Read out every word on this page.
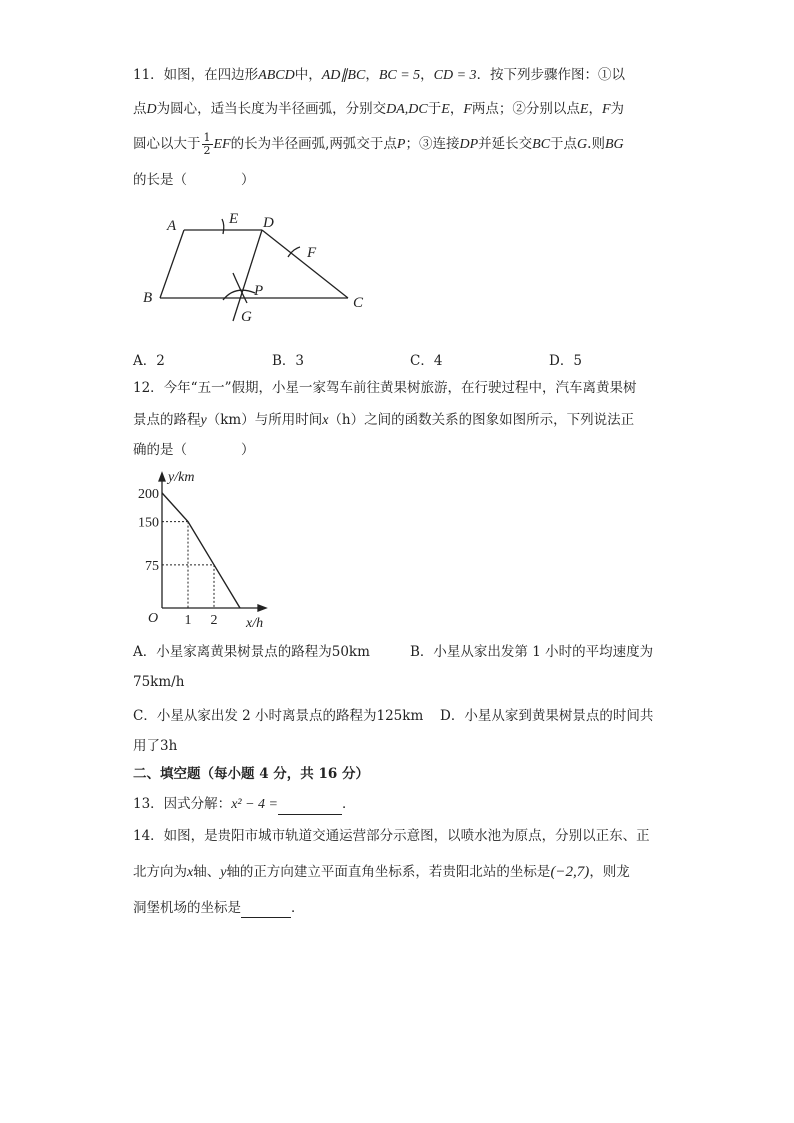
11．如图，在四边形ABCD中，AD∥BC，BC = 5，CD = 3．按下列步骤作图：①以
点D为圆心，适当长度为半径画弧，分别交DA,DC于E，F两点；②分别以点E，F为
圆心以大于 $\frac{1}{2}$ EF的长为半径画弧,两弧交于点P；③连接DP并延长交BC于点G.则BG
的长是（　　　　）
A	E D
F
B	P
C
G
A．2	B．3	C．4	D．5
12．今年“五一”假期，小星一家驾车前往黄果树旅游，在行驶过程中，汽车离黄果树
景点的路程y（km）与所用时间x（h）之间的函数关系的图象如图所示，下列说法正
确的是（　　　　）
y/km
x/h
O
200
150
75
1 2
A．小星家离黄果树景点的路程为50km	B．小星从家出发第 1 小时的平均速度为
75km/h
C．小星从家出发 2 小时离景点的路程为125km D．小星从家到黄果树景点的时间共
用了3h
二、填空题（每小题 4 分，共 16 分）
13．因式分解：x² − 4 =	．
14．如图，是贵阳市城市轨道交通运营部分示意图，以喷水池为原点，分别以正东、正
北方向为x轴、y轴的正方向建立平面直角坐标系，若贵阳北站的坐标是(−2,7)，则龙
洞堡机场的坐标是	．
